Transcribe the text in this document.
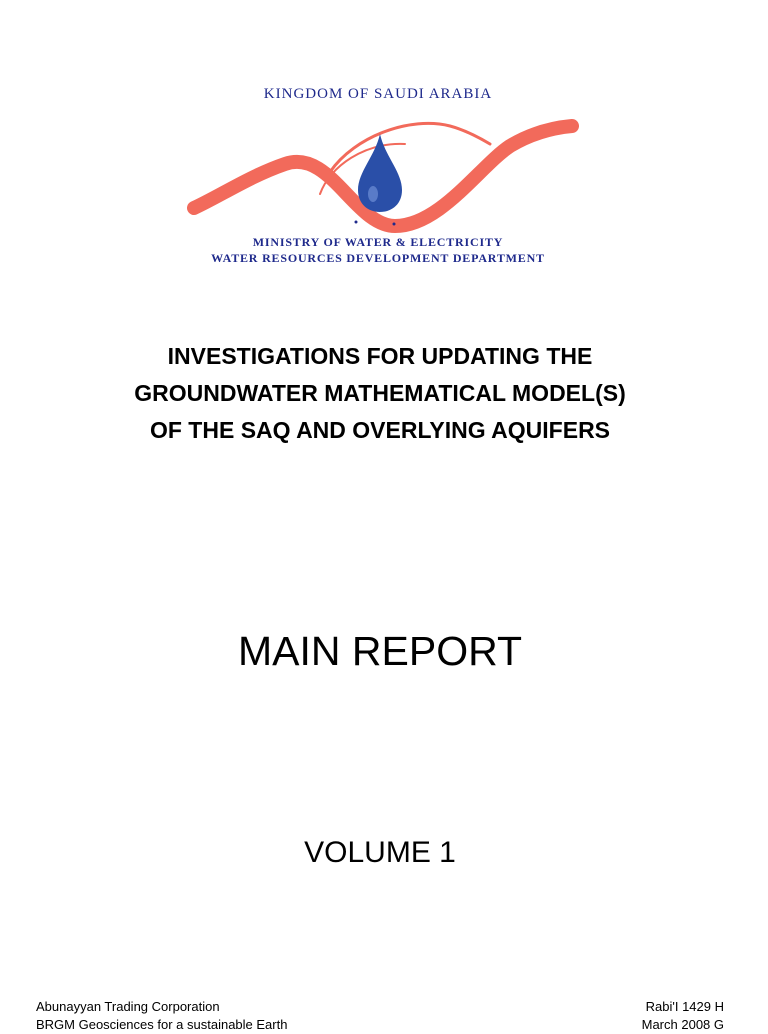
KINGDOM OF SAUDI ARABIA
MINISTRY OF WATER & ELECTRICITY
WATER RESOURCES DEVELOPMENT DEPARTMENT
INVESTIGATIONS FOR UPDATING THE
GROUNDWATER MATHEMATICAL MODEL(S)
OF THE SAQ AND OVERLYING AQUIFERS
MAIN REPORT
VOLUME 1
Abunayyan Trading Corporation
BRGM Geosciences for a sustainable Earth
Rabi'I 1429 H
March 2008 G
